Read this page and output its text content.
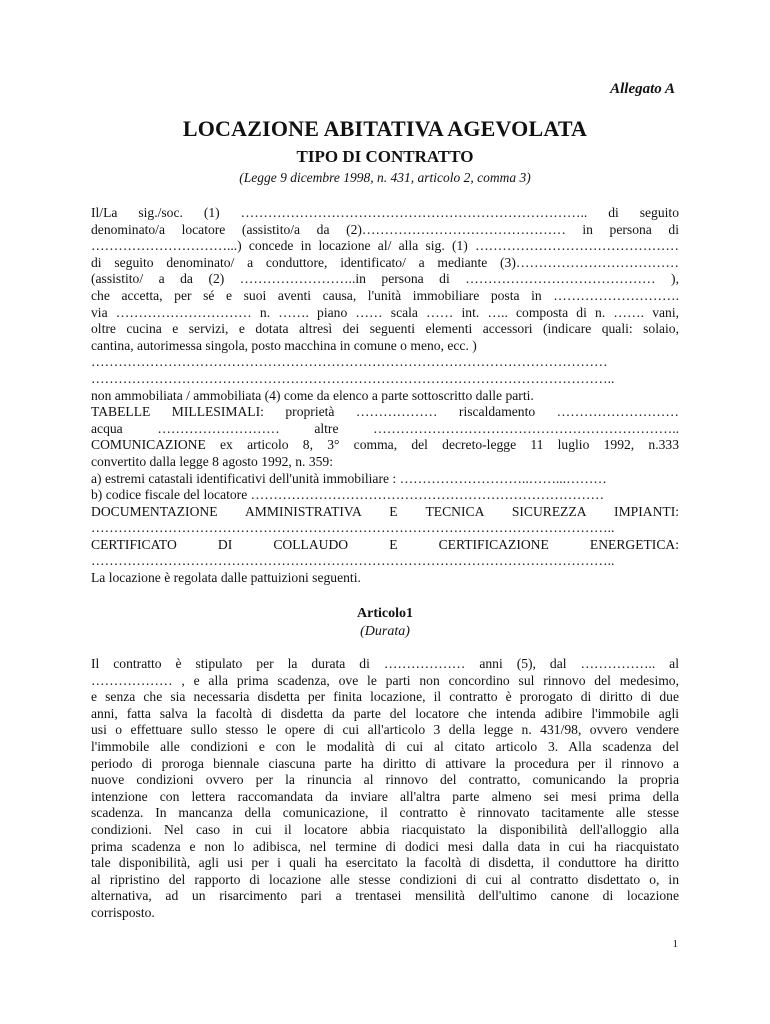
Allegato A
LOCAZIONE ABITATIVA AGEVOLATA
TIPO DI CONTRATTO
(Legge 9 dicembre 1998, n. 431, articolo 2, comma 3)
Il/La sig./soc. (1) ………………………………………………………………….. di seguito
denominato/a locatore (assistito/a da (2)……………………………………… in persona di
…………………………...) concede in locazione al/ alla sig. (1) ………………………………………
di seguito denominato/ a conduttore, identificato/ a mediante (3)………………………………
(assistito/ a da (2) ……………………..in persona di …………………………………… ),
che accetta, per sé e suoi aventi causa, l'unità immobiliare posta in ……………………….
via ………………………… n. ……. piano …… scala …… int. ….. composta di n. ……. vani,
oltre cucina e servizi, e dotata altresì dei seguenti elementi accessori (indicare quali: solaio,
cantina, autorimessa singola, posto macchina in comune o meno, ecc. )
……………………………………………………………………………………………………
……………………………………………………………………………………………………..
non ammobiliata / ammobiliata (4) come da elenco a parte sottoscritto dalle parti.
TABELLE MILLESIMALI: proprietà ……………… riscaldamento ………………………
acqua ……………………… altre …………………………………………………………..
COMUNICAZIONE ex articolo 8, 3° comma, del decreto-legge 11 luglio 1992, n.333
convertito dalla legge 8 agosto 1992, n. 359:
a) estremi catastali identificativi dell'unità immobiliare : ………………………..……...………
b) codice fiscale del locatore ……………………………………………………………………
DOCUMENTAZIONE AMMINISTRATIVA E TECNICA SICUREZZA IMPIANTI:
……………………………………………………………………………………………………..
CERTIFICATO DI COLLAUDO E CERTIFICAZIONE ENERGETICA:
……………………………………………………………………………………………………..
La locazione è regolata dalle pattuizioni seguenti.
Articolo1
(Durata)
Il contratto è stipulato per la durata di ……………… anni (5), dal …………….. al
……………… , e alla prima scadenza, ove le parti non concordino sul rinnovo del medesimo,
e senza che sia necessaria disdetta per finita locazione, il contratto è prorogato di diritto di due
anni, fatta salva la facoltà di disdetta da parte del locatore che intenda adibire l'immobile agli
usi o effettuare sullo stesso le opere di cui all'articolo 3 della legge n. 431/98, ovvero vendere
l'immobile alle condizioni e con le modalità di cui al citato articolo 3. Alla scadenza del
periodo di proroga biennale ciascuna parte ha diritto di attivare la procedura per il rinnovo a
nuove condizioni ovvero per la rinuncia al rinnovo del contratto, comunicando la propria
intenzione con lettera raccomandata da inviare all'altra parte almeno sei mesi prima della
scadenza. In mancanza della comunicazione, il contratto è rinnovato tacitamente alle stesse
condizioni. Nel caso in cui il locatore abbia riacquistato la disponibilità dell'alloggio alla
prima scadenza e non lo adibisca, nel termine di dodici mesi dalla data in cui ha riacquistato
tale disponibilità, agli usi per i quali ha esercitato la facoltà di disdetta, il conduttore ha diritto
al ripristino del rapporto di locazione alle stesse condizioni di cui al contratto disdettato o, in
alternativa, ad un risarcimento pari a trentasei mensilità dell'ultimo canone di locazione
corrisposto.
1
